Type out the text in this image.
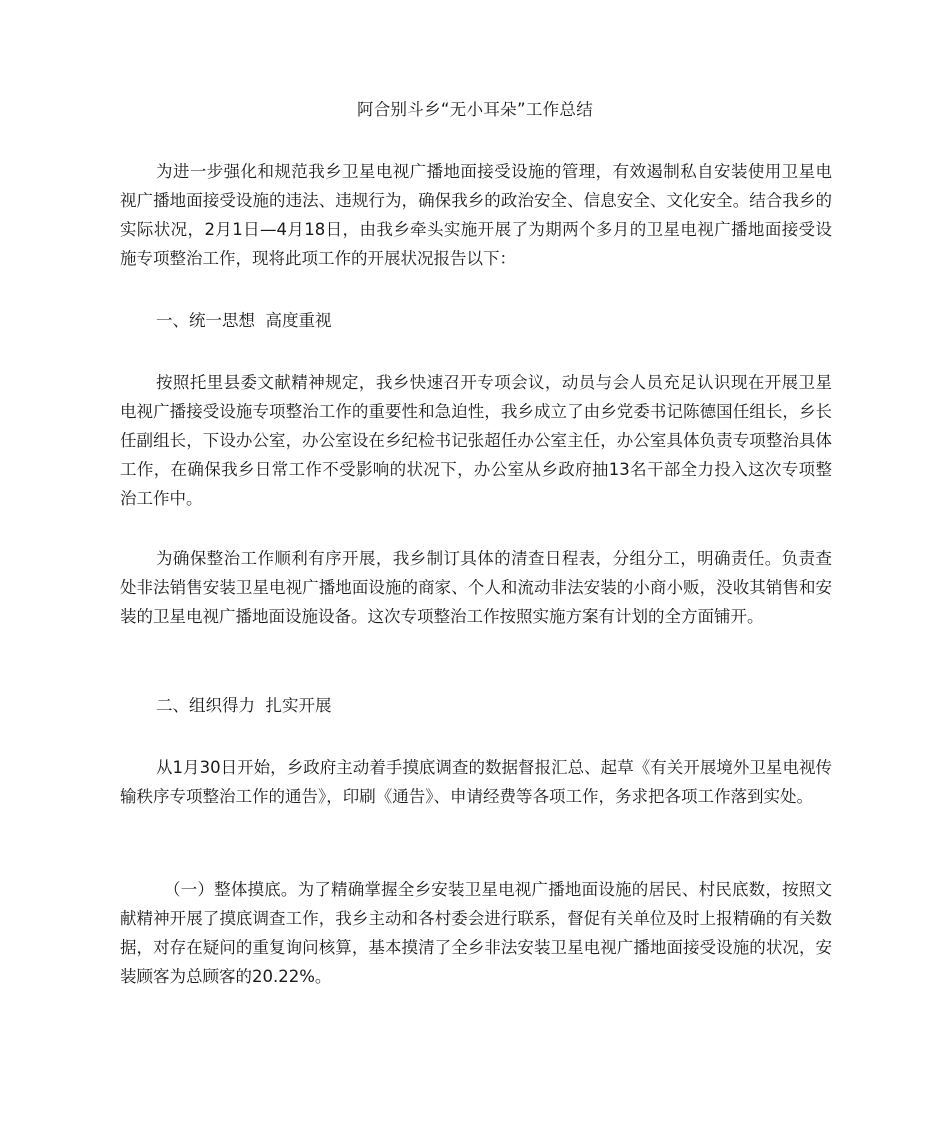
阿合别斗乡“无小耳朵”工作总结

为进一步强化和规范我乡卫星电视广播地面接受设施的管理，有效遏制私自安装使用卫星电视广播地面接受设施的违法、违规行为，确保我乡的政治安全、信息安全、文化安全。结合我乡的实际状况，2月1日—4月18日，由我乡牵头实施开展了为期两个多月的卫星电视广播地面接受设施专项整治工作，现将此项工作的开展状况报告以下：

一、统一思想  高度重视

按照托里县委文献精神规定，我乡快速召开专项会议，动员与会人员充足认识现在开展卫星电视广播接受设施专项整治工作的重要性和急迫性，我乡成立了由乡党委书记陈德国任组长，乡长任副组长，下设办公室，办公室设在乡纪检书记张超任办公室主任，办公室具体负责专项整治具体工作，在确保我乡日常工作不受影响的状况下，办公室从乡政府抽13名干部全力投入这次专项整治工作中。

为确保整治工作顺利有序开展，我乡制订具体的清查日程表，分组分工，明确责任。负责查处非法销售安装卫星电视广播地面设施的商家、个人和流动非法安装的小商小贩，没收其销售和安装的卫星电视广播地面设施设备。这次专项整治工作按照实施方案有计划的全方面铺开。

二、组织得力  扎实开展

从1月30日开始，乡政府主动着手摸底调查的数据督报汇总、起草《有关开展境外卫星电视传输秩序专项整治工作的通告》，印刷《通告》、申请经费等各项工作，务求把各项工作落到实处。

（一）整体摸底。为了精确掌握全乡安装卫星电视广播地面设施的居民、村民底数，按照文献精神开展了摸底调查工作，我乡主动和各村委会进行联系，督促有关单位及时上报精确的有关数据，对存在疑问的重复询问核算，基本摸清了全乡非法安装卫星电视广播地面接受设施的状况，安装顾客为总顾客的20.22%。
